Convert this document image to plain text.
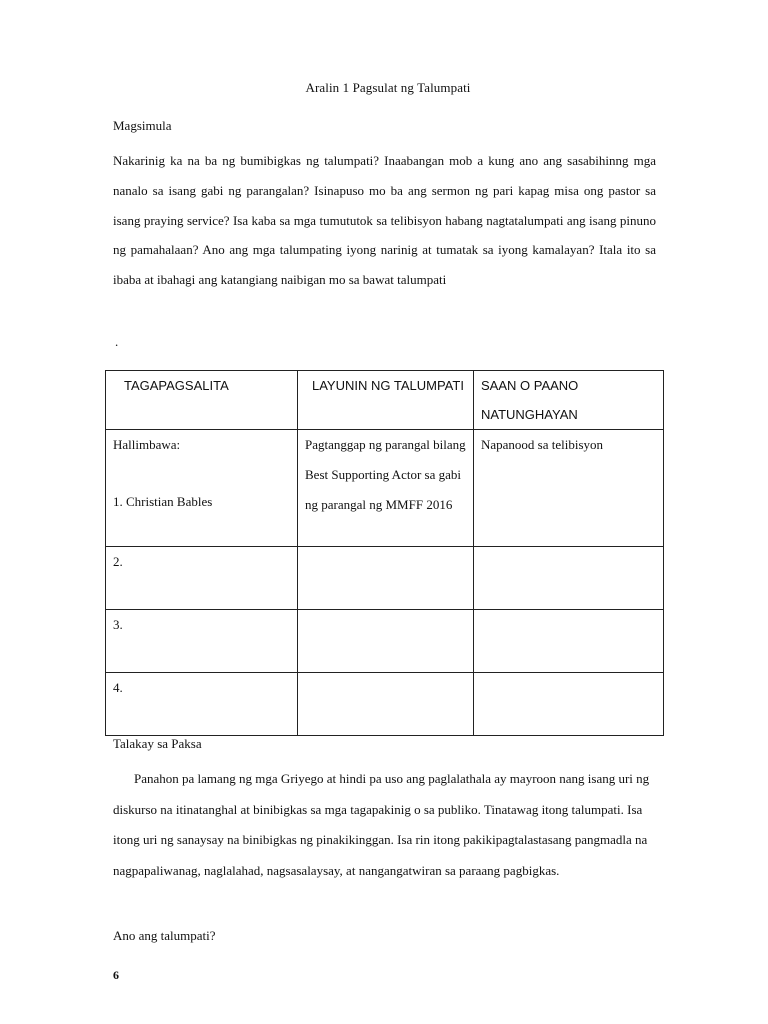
Aralin 1 Pagsulat ng Talumpati
Magsimula
Nakarinig ka na ba ng bumibigkas ng talumpati? Inaabangan mob a kung ano ang sasabihinng mga nanalo sa isang gabi ng parangalan? Isinapuso mo ba ang sermon ng pari kapag misa ong pastor sa isang praying service? Isa kaba sa mga tumututok sa telibisyon habang nagtatalumpati ang isang pinuno ng pamahalaan? Ano ang mga talumpating iyong narinig at tumatak sa iyong kamalayan? Itala ito sa ibaba at ibahagi ang katangiang naibigan mo sa bawat talumpati
.
TAGAPAGSALITA	LAYUNIN NG TALUMPATI	SAAN O PAANO NATUNGHAYAN

Hallimbawa:
1. Christian Bables	Pagtanggap ng parangal bilang Best Supporting Actor sa gabi ng parangal ng MMFF 2016	Napanood sa telibisyon
2.		
3.		
4.		
Talakay sa Paksa
Panahon pa lamang ng mga Griyego at hindi pa uso ang paglalathala ay mayroon nang isang uri ng diskurso na itinatanghal at binibigkas sa mga tagapakinig o sa publiko. Tinatawag itong talumpati. Isa itong uri ng sanaysay na binibigkas ng pinakikinggan. Isa rin itong pakikipagtalastasang pangmadla na nagpapaliwanag, naglalahad, nagsasalaysay, at nangangatwiran sa paraang pagbigkas.
Ano ang talumpati?
6
